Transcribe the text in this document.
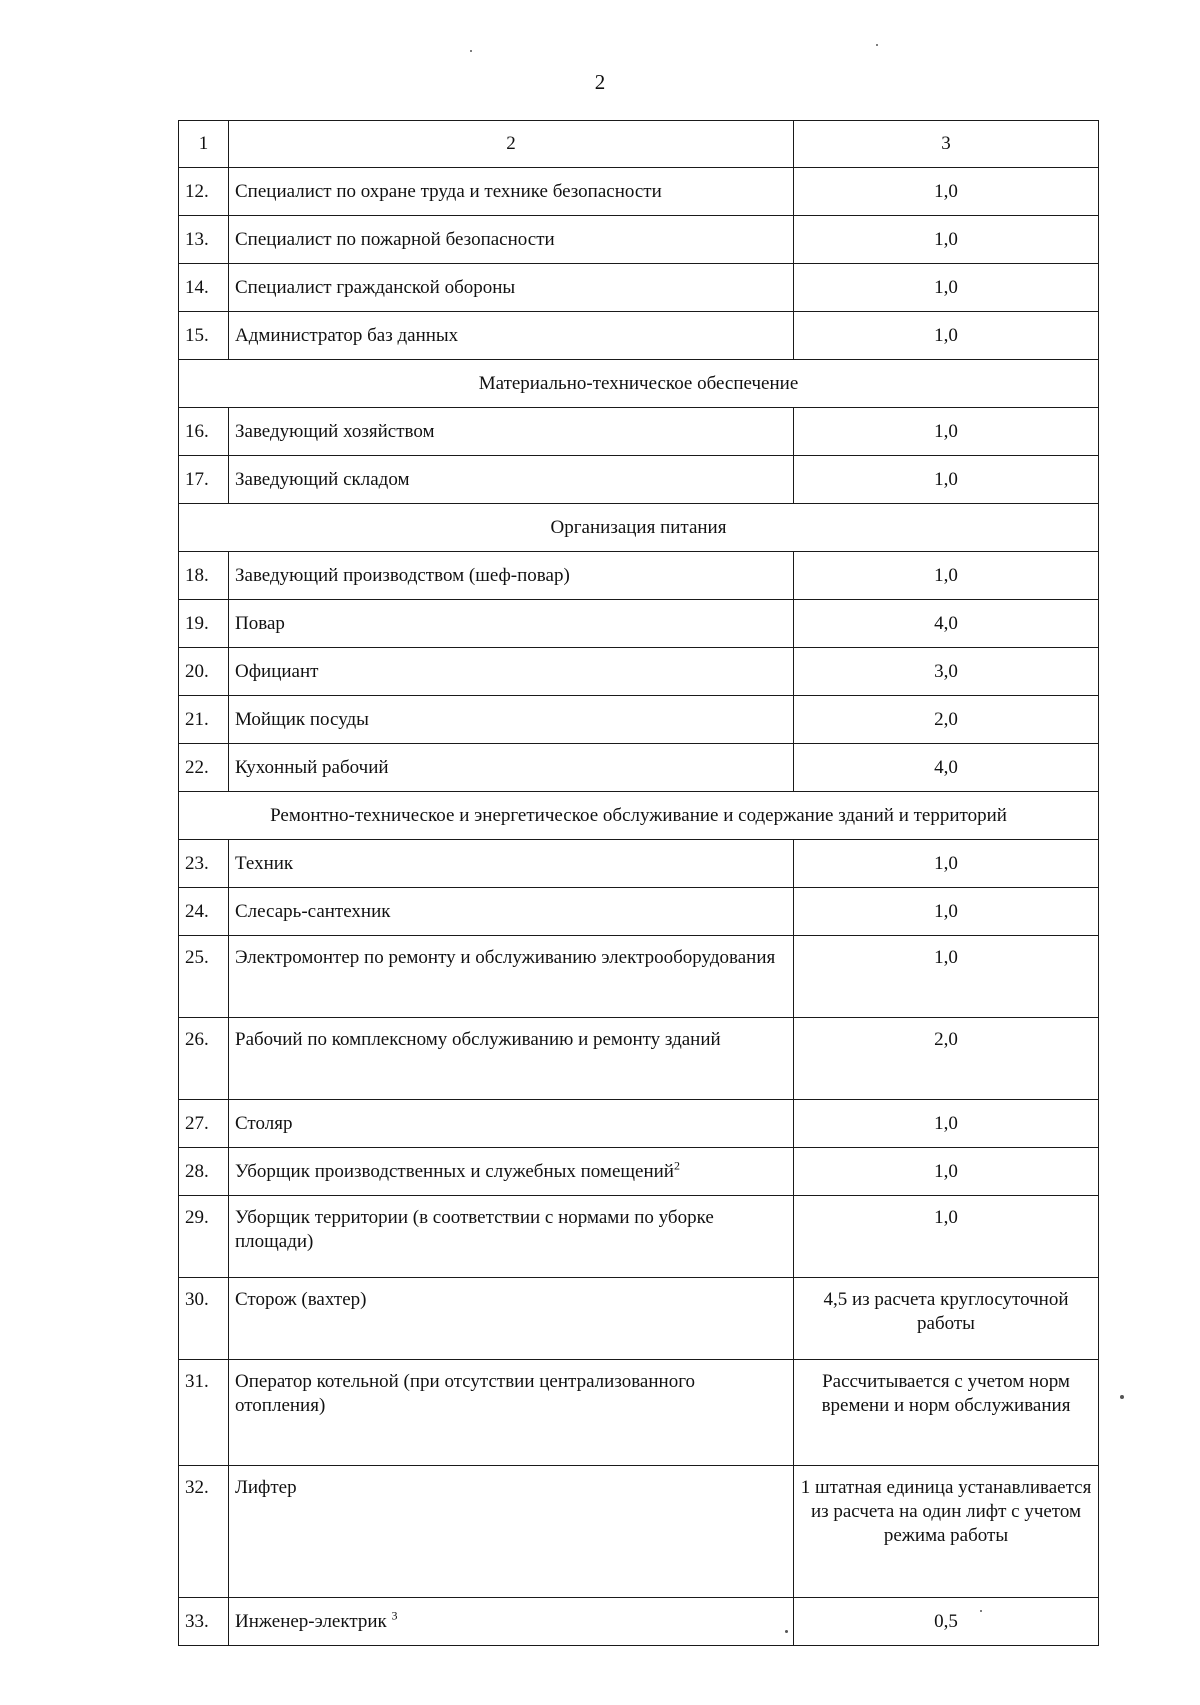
2
1	2	3
12.	Специалист по охране труда и технике безопасности	1,0
13.	Специалист по пожарной безопасности	1,0
14.	Специалист гражданской обороны	1,0
15.	Администратор баз данных	1,0
Материально-техническое обеспечение		
16.	Заведующий хозяйством	1,0
17.	Заведующий складом	1,0
Организация питания		
18.	Заведующий производством (шеф-повар)	1,0
19.	Повар	4,0
20.	Официант	3,0
21.	Мойщик посуды	2,0
22.	Кухонный рабочий	4,0
Ремонтно-техническое и энергетическое обслуживание и содержание зданий и территорий		
23.	Техник	1,0
24.	Слесарь-сантехник	1,0
25.	Электромонтер по ремонту и обслуживанию электрооборудования	1,0
26.	Рабочий по комплексному обслуживанию и ремонту зданий	2,0
27.	Столяр	1,0
28.	Уборщик производственных и служебных помещений$^2$	1,0
29.	Уборщик территории (в соответствии с нормами по уборке площади)	1,0
30.	Сторож (вахтер)	4,5 из расчета круглосуточной работы
31.	Оператор котельной (при отсутствии централизованного отопления)	Рассчитывается с учетом норм времени и норм обслуживания
32.	Лифтер	1 штатная единица устанавливается из расчета на один лифт с учетом режима работы
33.	Инженер-электрик $^3$	0,5
